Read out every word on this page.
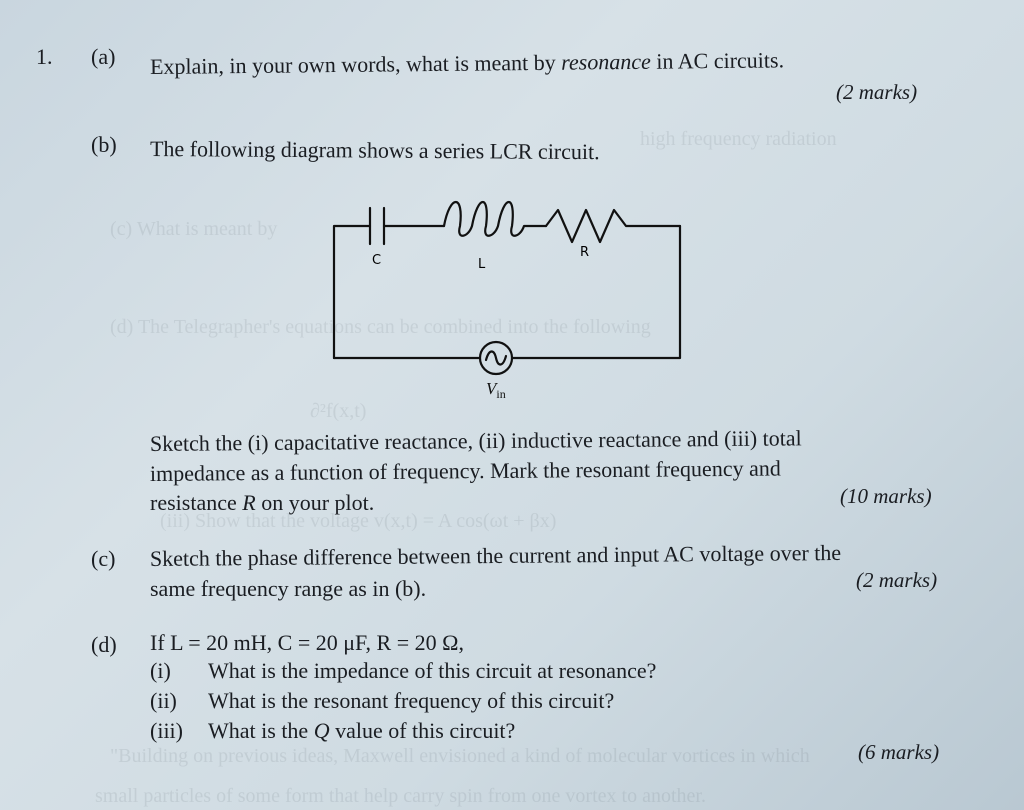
high frequency radiation
(c) What is meant by
(d) The Telegrapher's equations can be combined into the following
∂²f(x,t)
(iii) Show that the voltage v(x,t) = A cos(ωt + βx)
"Building on previous ideas, Maxwell envisioned a kind of molecular vortices in which
small particles of some form that help carry spin from one vortex to another.
1. (a) Explain, in your own words, what is meant by resonance in AC circuits.
(2 marks)
(b) The following diagram shows a series LCR circuit.
C	L
R
$V_{in}$
Sketch the (i) capacitative reactance, (ii) inductive reactance and (iii) total
impedance as a function of frequency. Mark the resonant frequency and
resistance R on your plot.	(10 marks)
(c) Sketch the phase difference between the current and input AC voltage over the
same frequency range as in (b).	(2 marks)
(d) If L = 20 mH, C = 20 μF, R = 20 Ω,
(i) What is the impedance of this circuit at resonance?
(ii) What is the resonant frequency of this circuit?
(iii) What is the Q value of this circuit?
(6 marks)
